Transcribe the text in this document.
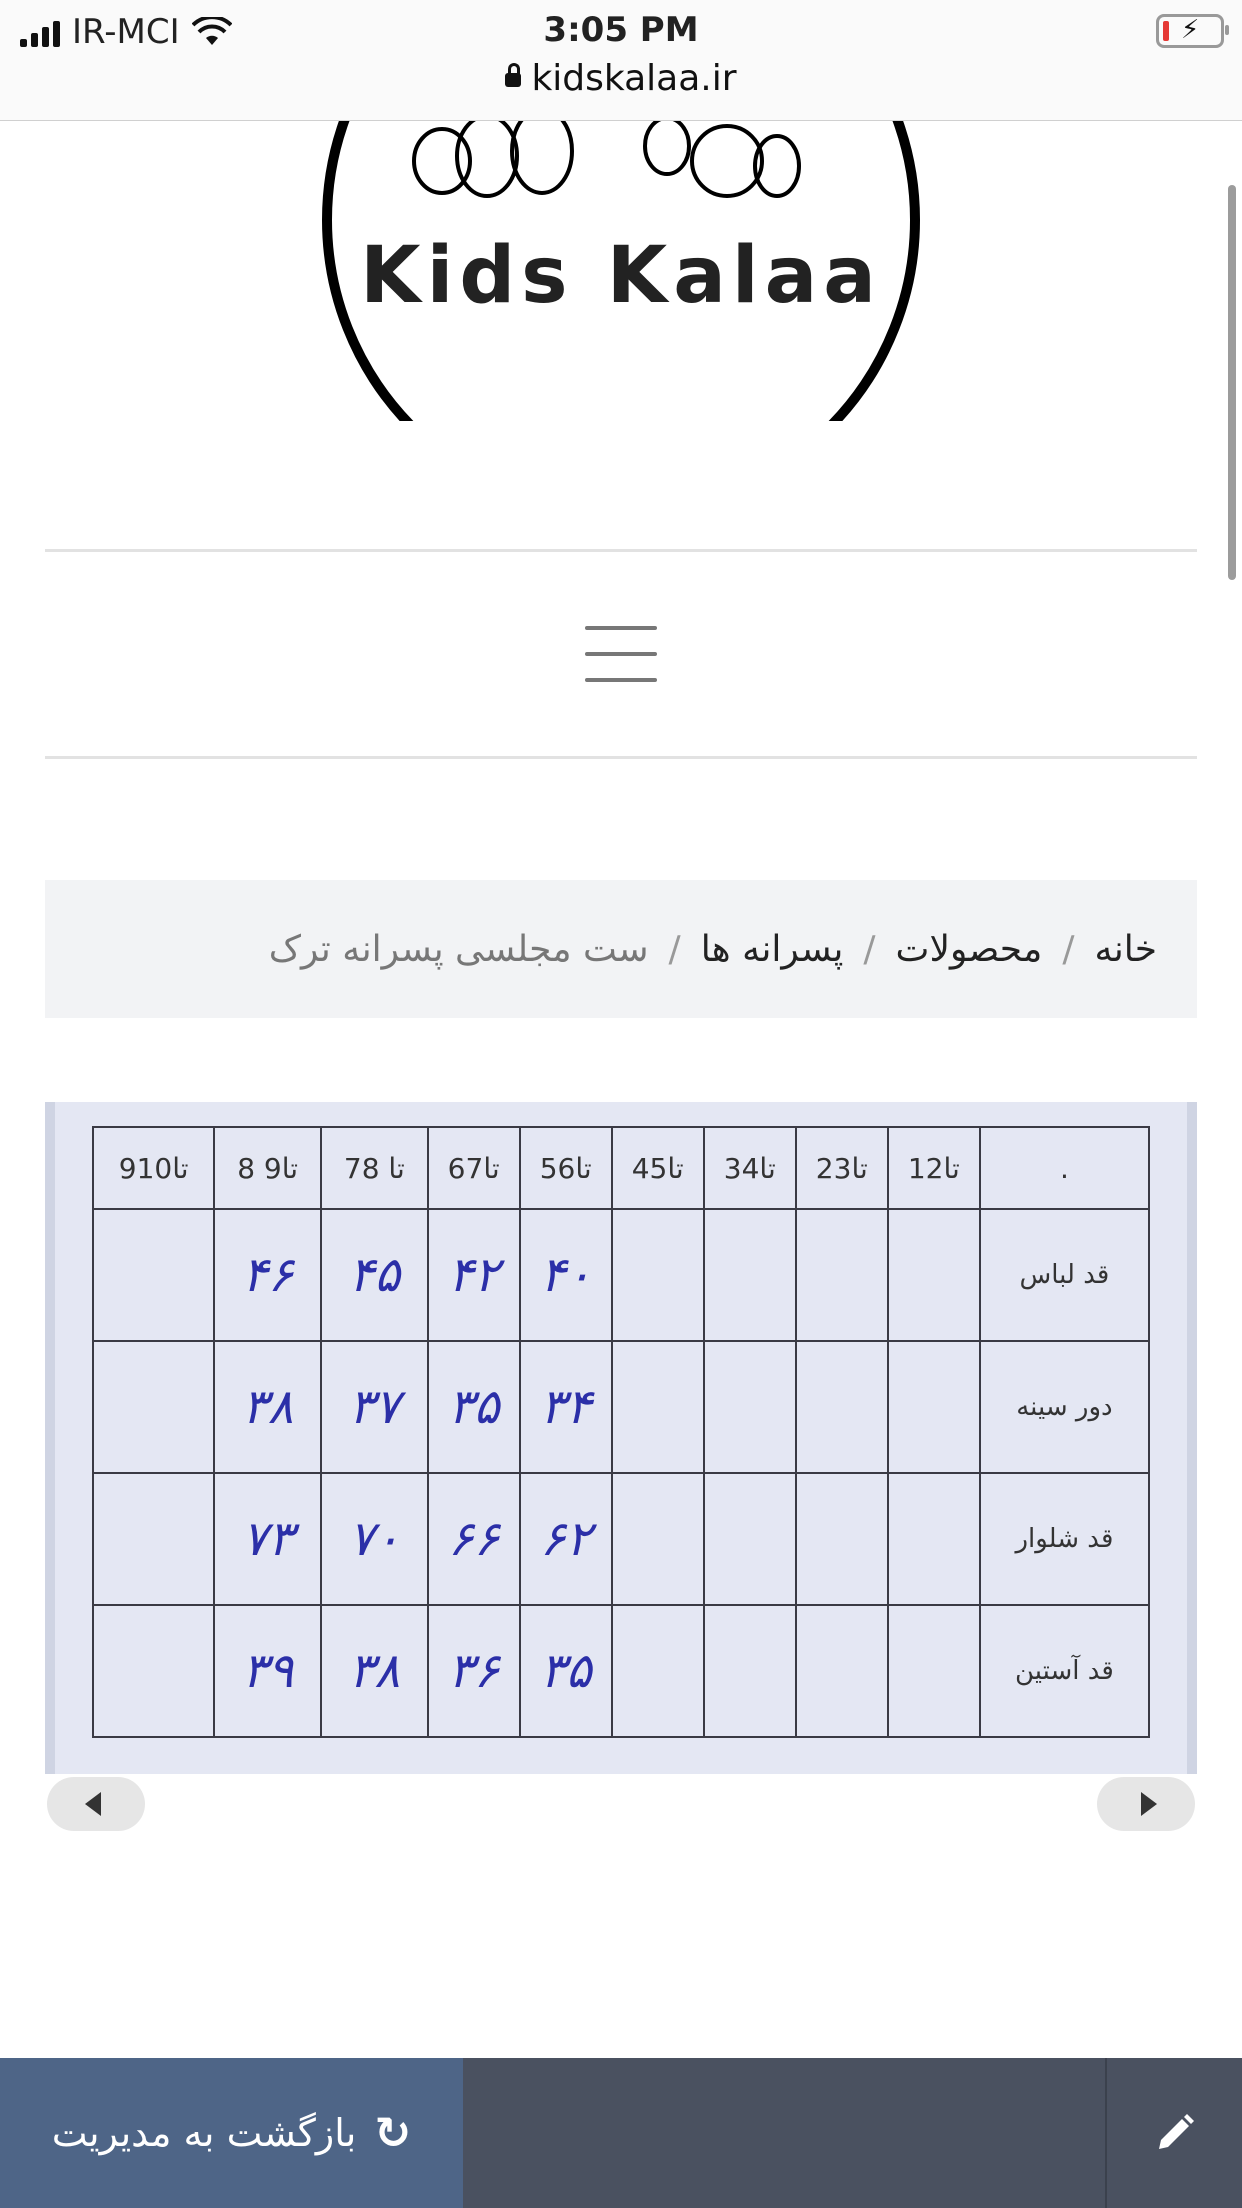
IR-MCI	3:05 PM
kidskalaa.ir
⚡
Kids Kalaa
خانه
/
محصولات
/
پسرانه ها
/
ست مجلسی پسرانه ترک
9تا10	8 تا9	7تا 8	6تا7	5تا6	4تا5	3تا4	2تا3	1تا2	.
	۴۶	۴۵	۴۲	۴۰					قد لباس
	۳۸	۳۷	۳۵	۳۴					دور سینه
	۷۳	۷۰	۶۶	۶۲					قد شلوار
	۳۹	۳۸	۳۶	۳۵					قد آستین
↻
بازگشت به مدیریت
